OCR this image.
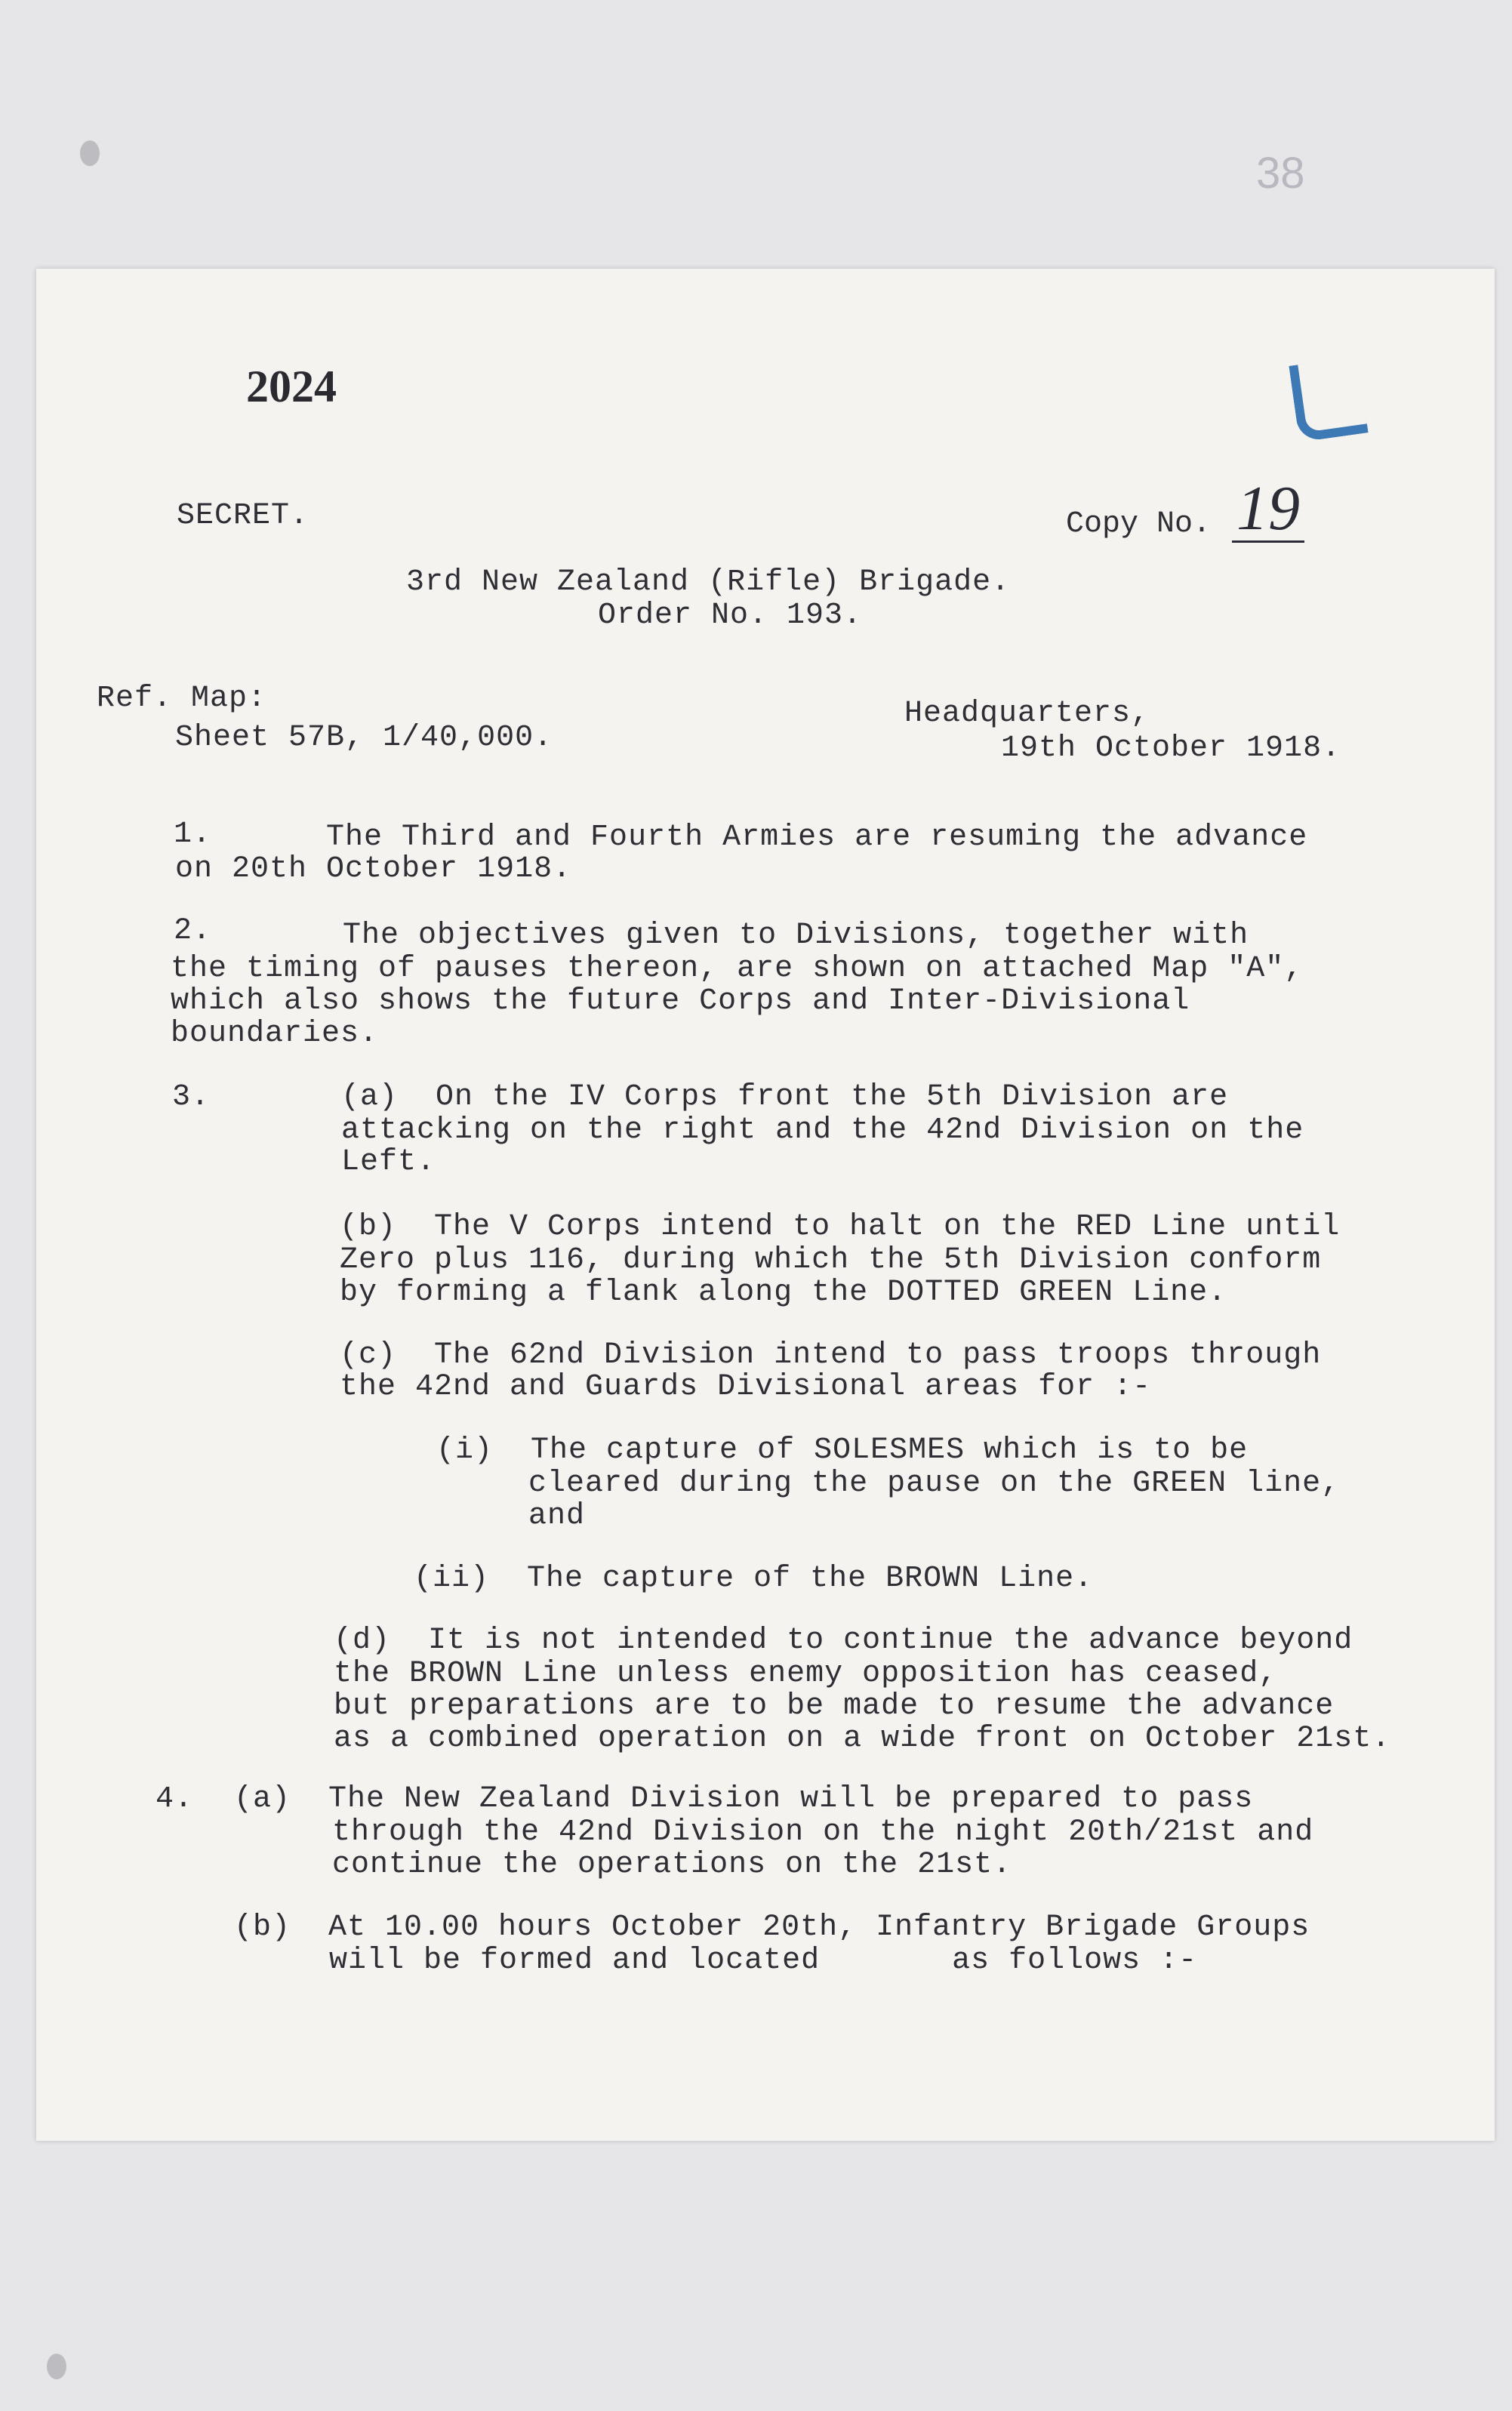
38
2024
SECRET.	Copy No. 19
3rd New Zealand (Rifle) Brigade.
Order No. 193.
Ref. Map:
Sheet 57B, 1/40,000.
Headquarters,
19th October 1918.
1.	The Third and Fourth Armies are resuming the advance
on 20th October 1918.
2.	The objectives given to Divisions, together with
the timing of pauses thereon, are shown on attached Map "A",
which also shows the future Corps and Inter-Divisional
boundaries.
3.	(a)  On the IV Corps front the 5th Division are
attacking on the right and the 42nd Division on the
Left.
(b)  The V Corps intend to halt on the RED Line until
Zero plus 116, during which the 5th Division conform
by forming a flank along the DOTTED GREEN Line.
(c)  The 62nd Division intend to pass troops through
the 42nd and Guards Divisional areas for :-
(i)  The capture of SOLESMES which is to be
cleared during the pause on the GREEN line,
and
(ii)  The capture of the BROWN Line.
(d)  It is not intended to continue the advance beyond
the BROWN Line unless enemy opposition has ceased,
but preparations are to be made to resume the advance
as a combined operation on a wide front on October 21st.
4. (a)  The New Zealand Division will be prepared to pass
through the 42nd Division on the night 20th/21st and
continue the operations on the 21st.
(b)  At 10.00 hours October 20th, Infantry Brigade Groups
will be formed and located       as follows :-
